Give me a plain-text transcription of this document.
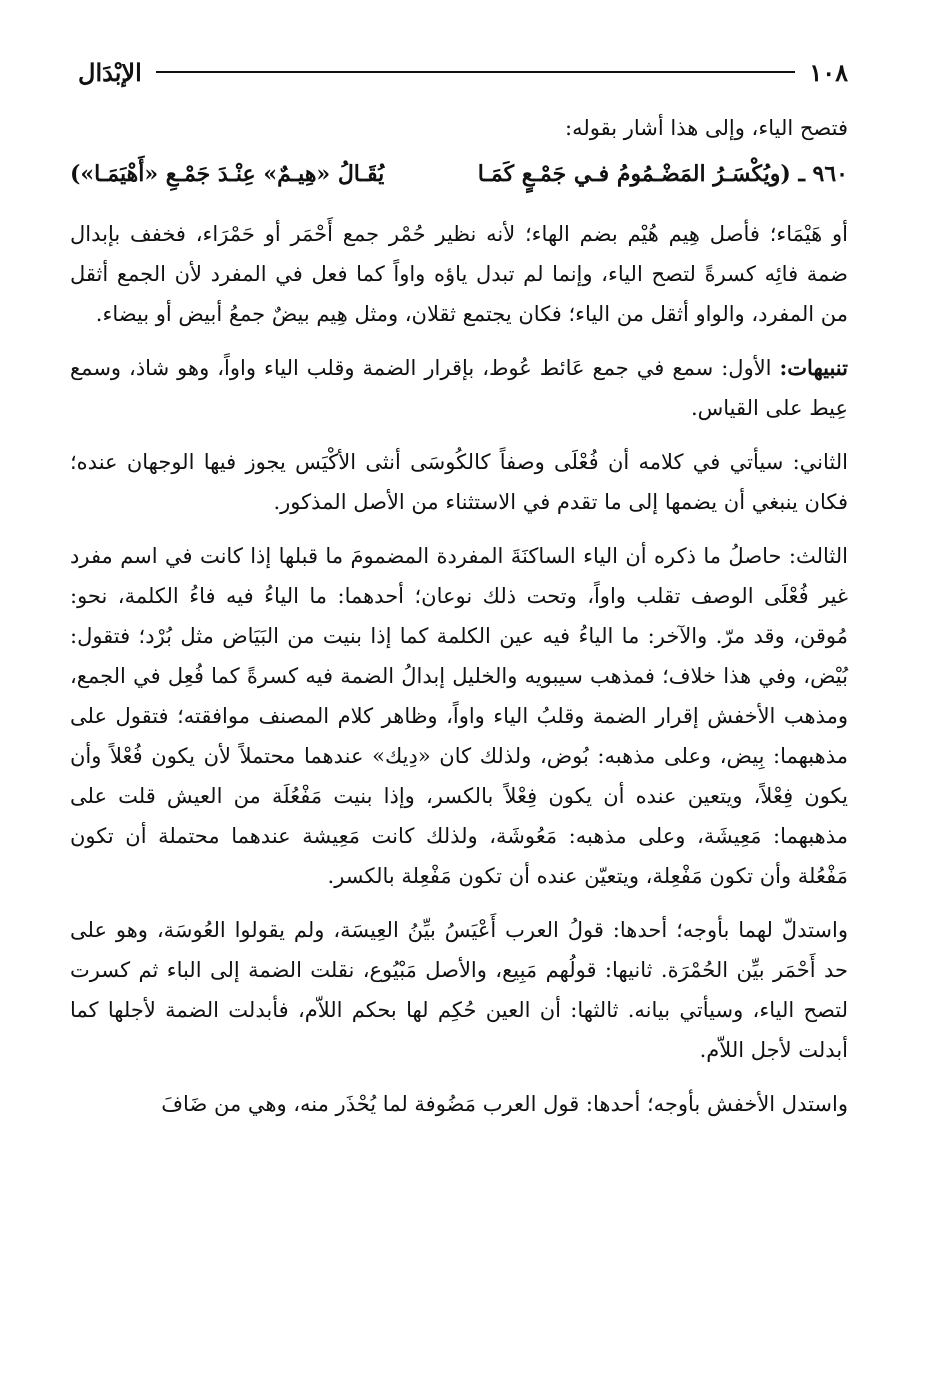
١٠٨
الإبْدَال

فتصح الياء، وإلى هذا أشار بقوله:

٩٦٠ ـ (ويُكْسَـرُ المَضْـمُومُ فـي جَمْـعٍ كَمَـا
يُقَـالُ «هِيـمٌ» عِنْـدَ جَمْـعِ «أَهْيَمَـا»)

أو هَيْمَاء؛ فأصل هِيم هُيْم بضم الهاء؛ لأنه نظير حُمْر جمع أَحْمَر أو حَمْرَاء، فخفف بإبدال ضمة فائِه كسرةً لتصح الياء، وإنما لم تبدل ياؤه واواً كما فعل في المفرد لأن الجمع أثقل من المفرد، والواو أثقل من الياء؛ فكان يجتمع ثقلان، ومثل هِيم بيضٌ جمعُ أبيض أو بيضاء.

تنبيهات: الأول: سمع في جمع عَائط عُوط، بإقرار الضمة وقلب الياء واواً، وهو شاذ، وسمع عِيط على القياس.

الثاني: سيأتي في كلامه أن فُعْلَى وصفاً كالكُوسَى أنثى الأكْيَس يجوز فيها الوجهان عنده؛ فكان ينبغي أن يضمها إلى ما تقدم في الاستثناء من الأصل المذكور.

الثالث: حاصلُ ما ذكره أن الياء الساكنَةَ المفردة المضمومَ ما قبلها إذا كانت في اسم مفرد غير فُعْلَى الوصف تقلب واواً، وتحت ذلك نوعان؛ أحدهما: ما الياءُ فيه فاءُ الكلمة، نحو: مُوقن، وقد مرّ. والآخر: ما الياءُ فيه عين الكلمة كما إذا بنيت من البَيَاض مثل بُرْد؛ فتقول: بُيْض، وفي هذا خلاف؛ فمذهب سيبويه والخليل إبدالُ الضمة فيه كسرةً كما فُعِل في الجمع، ومذهب الأخفش إقرار الضمة وقلبُ الياء واواً، وظاهر كلام المصنف موافقته؛ فتقول على مذهبهما: بِيض، وعلى مذهبه: بُوض، ولذلك كان «دِيك» عندهما محتملاً لأن يكون فُعْلاً وأن يكون فِعْلاً، ويتعين عنده أن يكون فِعْلاً بالكسر، وإذا بنيت مَفْعُلَة من العيش قلت على مذهبهما: مَعِيشَة، وعلى مذهبه: مَعُوشَة، ولذلك كانت مَعِيشة عندهما محتملة أن تكون مَفْعُلة وأن تكون مَفْعِلة، ويتعيّن عنده أن تكون مَفْعِلة بالكسر.

واستدلّ لهما بأوجه؛ أحدها: قولُ العرب أَعْيَسُ بيِّنُ العِيسَة، ولم يقولوا العُوسَة، وهو على حد أَحْمَر بيِّن الحُمْرَة. ثانيها: قولُهم مَبِيع، والأصل مَبْيُوع، نقلت الضمة إلى الباء ثم كسرت لتصح الياء، وسيأتي بيانه. ثالثها: أن العين حُكِم لها بحكم اللاّم، فأبدلت الضمة لأجلها كما أبدلت لأجل اللاّم.

واستدل الأخفش بأوجه؛ أحدها: قول العرب مَضُوفة لما يُحْذَر منه، وهي من ضَافَ
